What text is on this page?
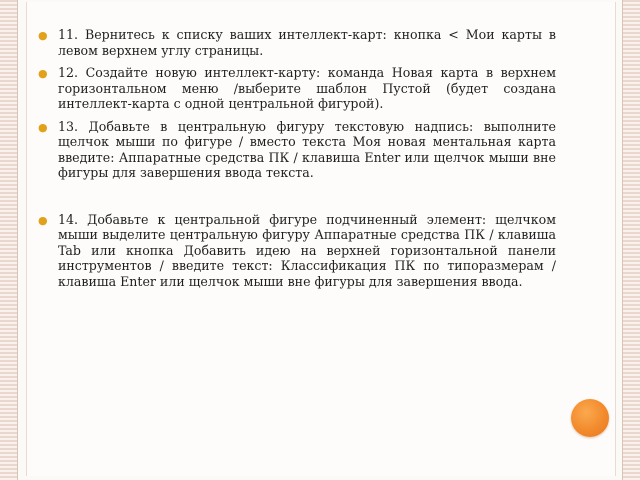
● 11. Вернитесь к списку ваших интеллект-карт: кнопка < Мои карты в левом верхнем углу страницы.
● 12. Создайте новую интеллект-карту: команда Новая карта в верхнем горизонтальном меню /выберите шаблон Пустой (будет создана интеллект-карта с одной центральной фигурой).
● 13. Добавьте в центральную фигуру текстовую надпись: выполните щелчок мыши по фигуре / вместо текста Моя новая ментальная карта введите: Аппаратные средства ПК / клавиша Enter или щелчок мыши вне фигуры для завершения ввода текста.
● 14. Добавьте к центральной фигуре подчиненный элемент: щелчком мыши выделите центральную фигуру Аппаратные средства ПК / клавиша Tab или кнопка Добавить идею на верхней горизонтальной панели инструментов / введите текст: Классификация ПК по типоразмерам / клавиша Enter или щелчок мыши вне фигуры для завершения ввода.
